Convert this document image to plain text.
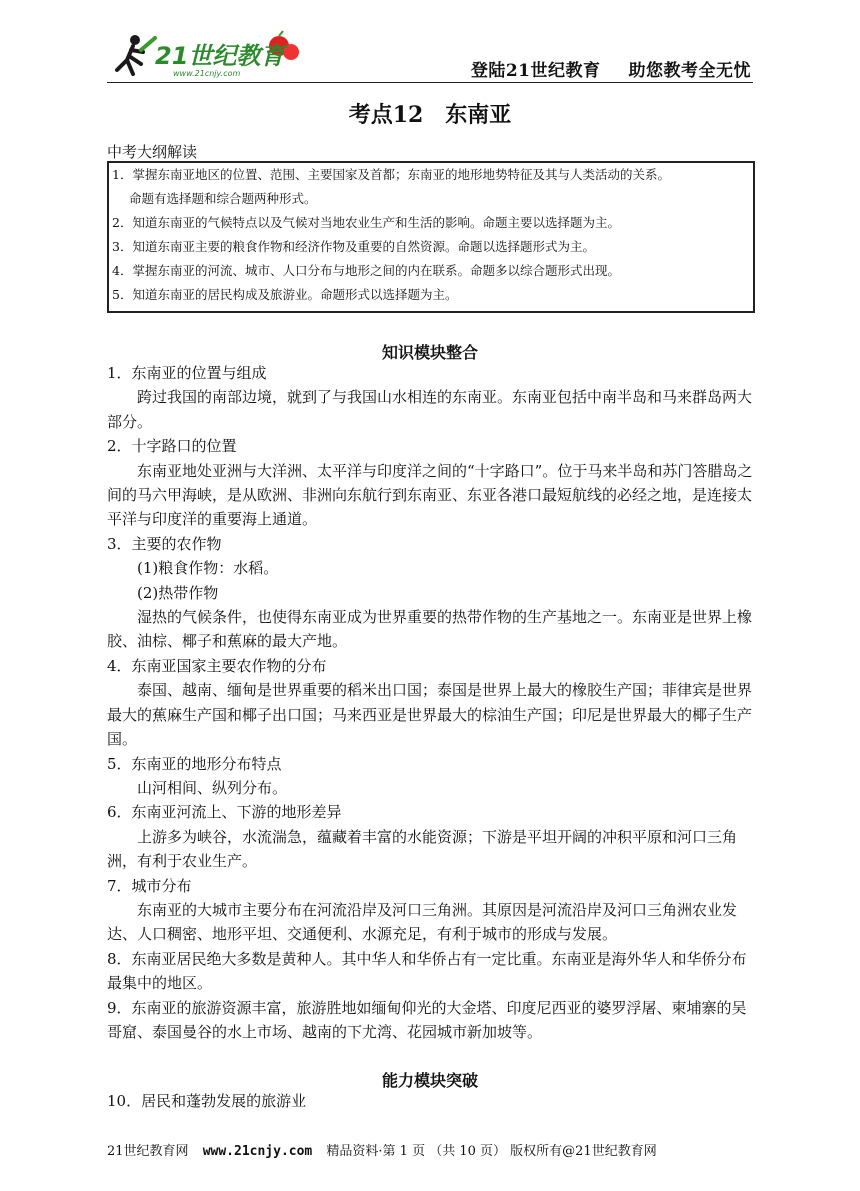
21世纪教育
www.21cnjy.com	登陆21世纪教育 助您教考全无忧
考点12　东南亚
中考大纲解读

1．掌握东南亚地区的位置、范围、主要国家及首都；东南亚的地形地势特征及其与人类活动的关系。

命题有选择题和综合题两种形式。

2．知道东南亚的气候特点以及气候对当地农业生产和生活的影响。命题主要以选择题为主。

3．知道东南亚主要的粮食作物和经济作物及重要的自然资源。命题以选择题形式为主。

4．掌握东南亚的河流、城市、人口分布与地形之间的内在联系。命题多以综合题形式出现。

5．知道东南亚的居民构成及旅游业。命题形式以选择题为主。

知识模块整合

1．东南亚的位置与组成

跨过我国的南部边境，就到了与我国山水相连的东南亚。东南亚包括中南半岛和马来群岛两大部分。

2．十字路口的位置

东南亚地处亚洲与大洋洲、太平洋与印度洋之间的“十字路口”。位于马来半岛和苏门答腊岛之间的马六甲海峡，是从欧洲、非洲向东航行到东南亚、东亚各港口最短航线的必经之地，是连接太平洋与印度洋的重要海上通道。

3．主要的农作物

(1)粮食作物：水稻。

(2)热带作物

湿热的气候条件，也使得东南亚成为世界重要的热带作物的生产基地之一。东南亚是世界上橡胶、油棕、椰子和蕉麻的最大产地。

4．东南亚国家主要农作物的分布

泰国、越南、缅甸是世界重要的稻米出口国；泰国是世界上最大的橡胶生产国；菲律宾是世界最大的蕉麻生产国和椰子出口国；马来西亚是世界最大的棕油生产国；印尼是世界最大的椰子生产国。

5．东南亚的地形分布特点

山河相间、纵列分布。

6．东南亚河流上、下游的地形差异

上游多为峡谷，水流湍急，蕴藏着丰富的水能资源；下游是平坦开阔的冲积平原和河口三角洲，有利于农业生产。

7．城市分布

东南亚的大城市主要分布在河流沿岸及河口三角洲。其原因是河流沿岸及河口三角洲农业发达、人口稠密、地形平坦、交通便利、水源充足，有利于城市的形成与发展。

8．东南亚居民绝大多数是黄种人。其中华人和华侨占有一定比重。东南亚是海外华人和华侨分布最集中的地区。

9．东南亚的旅游资源丰富，旅游胜地如缅甸仰光的大金塔、印度尼西亚的婆罗浮屠、柬埔寨的吴哥窟、泰国曼谷的水上市场、越南的下尤湾、花园城市新加坡等。

能力模块突破

10．居民和蓬勃发展的旅游业

21世纪教育网 www.21cnjy.com 精品资料·第 1 页 （共 10 页） 版权所有@21世纪教育网
